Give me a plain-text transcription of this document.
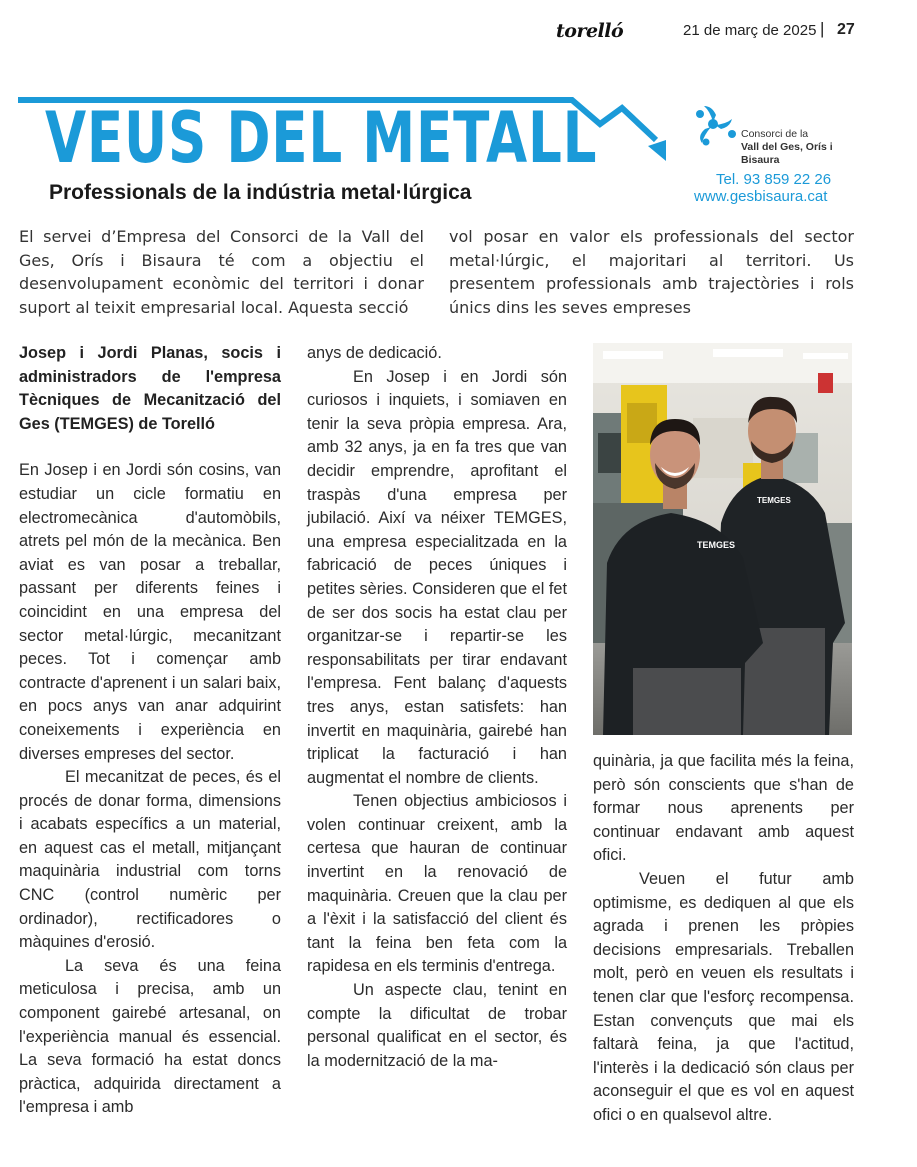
torelló	21 de març de 2025 | 27
VEUS DEL METALL
Professionals de la indústria metal·lúrgica
Consorci de la
Vall del Ges, Orís i
Bisaura
Tel. 93 859 22 26
www.gesbisaura.cat

El servei d’Empresa del Consorci de la Vall del Ges, Orís i Bisaura té com a objectiu el desenvolupament econòmic del territori i donar suport al teixit empresarial local. Aquesta secció

vol posar en valor els professionals del sector metal·lúrgic, el majoritari al territori. Us presentem professionals amb trajectòries i rols únics dins les seves empreses

Josep i Jordi Planas, socis i administradors de l'empresa Tècniques de Mecanització del Ges (TEMGES) de Torelló

En Josep i en Jordi són cosins, van estudiar un cicle formatiu en electromecànica d'automòbils, atrets pel món de la mecànica. Ben aviat es van posar a treballar, passant per diferents feines i coincidint en una empresa del sector metal·lúrgic, mecanitzant peces. Tot i començar amb contracte d'aprenent i un salari baix, en pocs anys van anar adquirint coneixements i experiència en diverses empreses del sector.

El mecanitzat de peces, és el procés de donar forma, dimensions i acabats específics a un material, en aquest cas el metall, mitjançant maquinària industrial com torns CNC (control numèric per ordinador), rectificadores o màquines d'erosió.

La seva és una feina meticulosa i precisa, amb un component gairebé artesanal, on l'experiència manual és essencial. La seva formació ha estat doncs pràctica, adquirida directament a l'empresa i amb

anys de dedicació.

En Josep i en Jordi són curiosos i inquiets, i somiaven en tenir la seva pròpia empresa. Ara, amb 32 anys, ja en fa tres que van decidir emprendre, aprofitant el traspàs d'una empresa per jubilació. Així va néixer TEMGES, una empresa especialitzada en la fabricació de peces úniques i petites sèries. Consideren que el fet de ser dos socis ha estat clau per organitzar-se i repartir-se les responsabilitats per tirar endavant l'empresa. Fent balanç d'aquests tres anys, estan satisfets: han invertit en maquinària, gairebé han triplicat la facturació i han augmentat el nombre de clients.

Tenen objectius ambiciosos i volen continuar creixent, amb la certesa que hauran de continuar invertint en la renovació de maquinària. Creuen que la clau per a l'èxit i la satisfacció del client és tant la feina ben feta com la rapidesa en els terminis d'entrega.

Un aspecte clau, tenint en compte la dificultat de trobar personal qualificat en el sector, és la modernització de la ma-

TEMGES
TEMGES

quinària, ja que facilita més la feina, però són conscients que s'han de formar nous aprenents per continuar endavant amb aquest ofici.

Veuen el futur amb optimisme, es dediquen al que els agrada i prenen les pròpies decisions empresarials. Treballen molt, però en veuen els resultats i tenen clar que l'esforç recompensa. Estan convençuts que mai els faltarà feina, ja que l'actitud, l'interès i la dedicació són claus per aconseguir el que es vol en aquest ofici o en qualsevol altre.
